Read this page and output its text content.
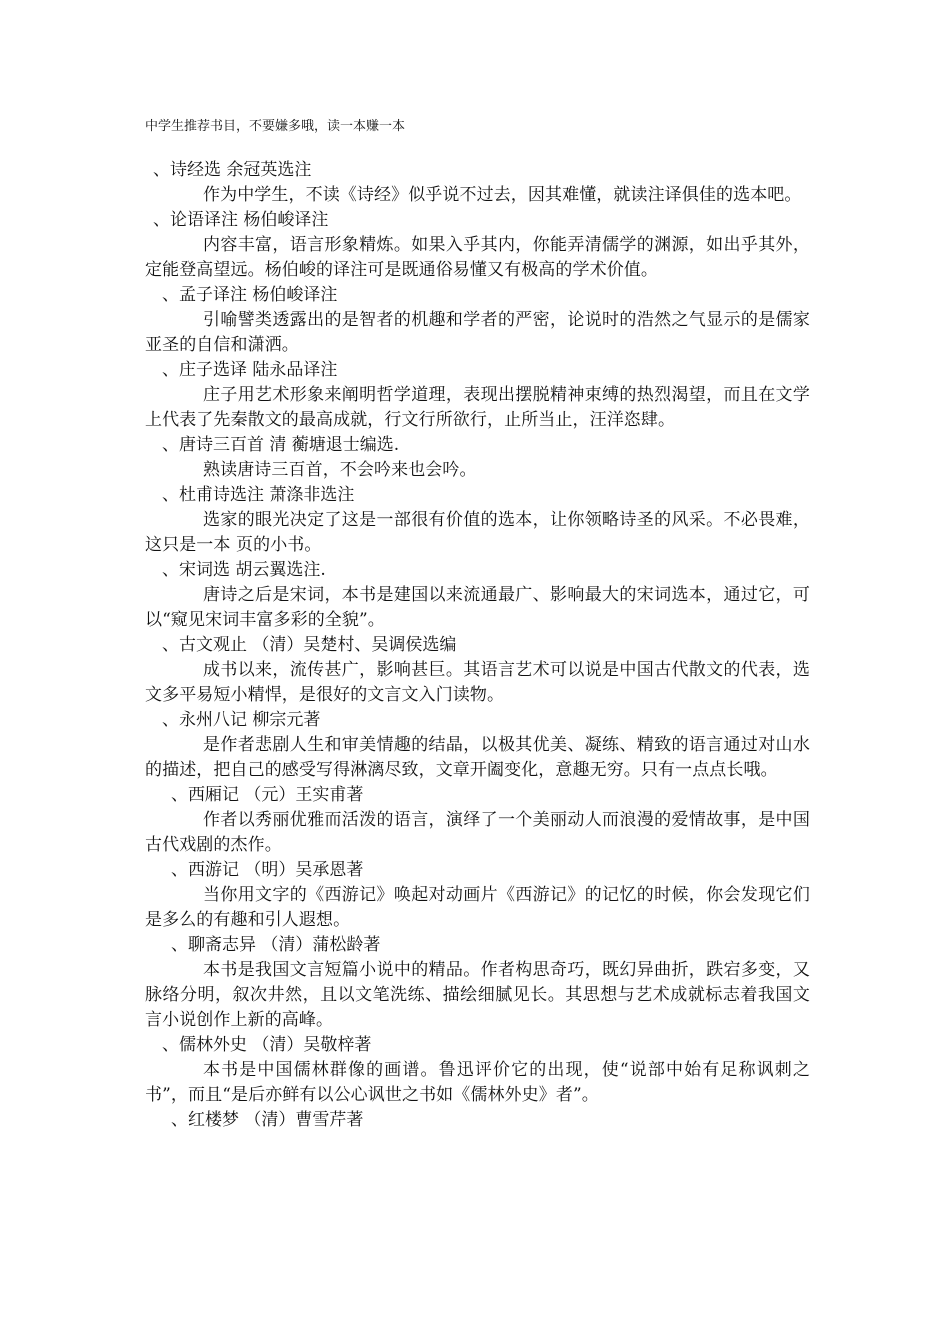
中学生推荐书目，不要嫌多哦，读一本赚一本
、诗经选 余冠英选注
作为中学生，不读《诗经》似乎说不过去，因其难懂，就读注译俱佳的选本吧。
、论语译注 杨伯峻译注
内容丰富，语言形象精炼。如果入乎其内，你能弄清儒学的渊源，如出乎其外，定能登高望远。杨伯峻的译注可是既通俗易懂又有极高的学术价值。
、孟子译注 杨伯峻译注
引喻譬类透露出的是智者的机趣和学者的严密，论说时的浩然之气显示的是儒家亚圣的自信和潇洒。
、庄子选译 陆永品译注
庄子用艺术形象来阐明哲学道理，表现出摆脱精神束缚的热烈渴望，而且在文学上代表了先秦散文的最高成就，行文行所欲行，止所当止，汪洋恣肆。
、唐诗三百首 清 蘅塘退士编选.
熟读唐诗三百首，不会吟来也会吟。
、杜甫诗选注 萧涤非选注
选家的眼光决定了这是一部很有价值的选本，让你领略诗圣的风采。不必畏难，这只是一本 页的小书。
、宋词选 胡云翼选注.
唐诗之后是宋词，本书是建国以来流通最广、影响最大的宋词选本，通过它，可以“窥见宋词丰富多彩的全貌”。
、古文观止 （清）吴楚村、吴调侯选编
成书以来，流传甚广，影响甚巨。其语言艺术可以说是中国古代散文的代表，选文多平易短小精悍，是很好的文言文入门读物。
、永州八记 柳宗元著
是作者悲剧人生和审美情趣的结晶，以极其优美、凝练、精致的语言通过对山水的描述，把自己的感受写得淋漓尽致，文章开阖变化，意趣无穷。只有一点点长哦。
、西厢记 （元）王实甫著
作者以秀丽优雅而活泼的语言，演绎了一个美丽动人而浪漫的爱情故事，是中国古代戏剧的杰作。
、西游记 （明）吴承恩著
当你用文字的《西游记》唤起对动画片《西游记》的记忆的时候，你会发现它们是多么的有趣和引人遐想。
、聊斋志异 （清）蒲松龄著
本书是我国文言短篇小说中的精品。作者构思奇巧，既幻异曲折，跌宕多变，又脉络分明，叙次井然，且以文笔洗练、描绘细腻见长。其思想与艺术成就标志着我国文言小说创作上新的高峰。
、儒林外史 （清）吴敬梓著
本书是中国儒林群像的画谱。鲁迅评价它的出现，使“说部中始有足称讽刺之书”，而且“是后亦鲜有以公心讽世之书如《儒林外史》者”。
、红楼梦 （清）曹雪芹著
